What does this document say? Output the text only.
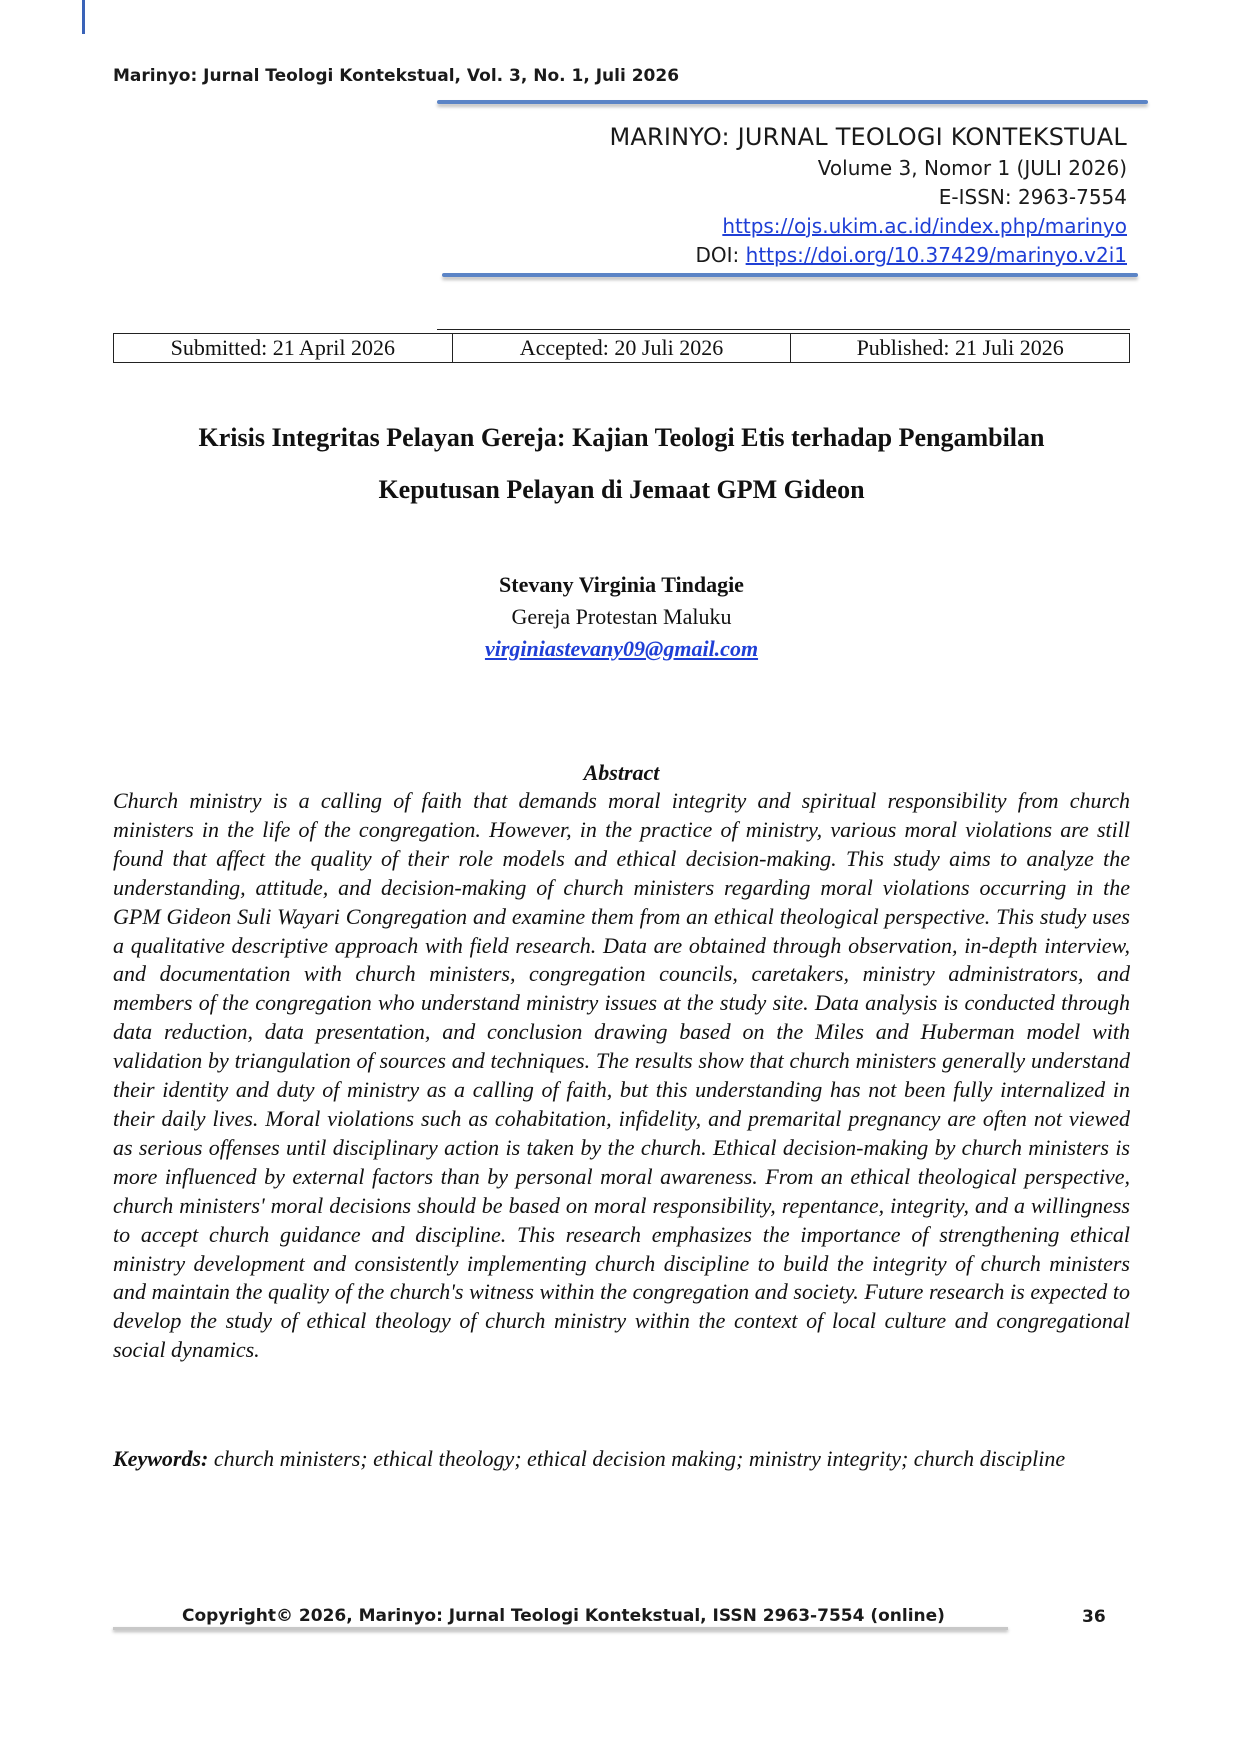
Marinyo: Jurnal Teologi Kontekstual, Vol. 3, No. 1, Juli 2026
MARINYO: JURNAL TEOLOGI KONTEKSTUAL
Volume 3, Nomor 1 (JULI 2026)
E-ISSN: 2963-7554
https://ojs.ukim.ac.id/index.php/marinyo
DOI: https://doi.org/10.37429/marinyo.v2i1
Submitted: 21 April 2026	Accepted: 20 Juli 2026	Published: 21 Juli 2026
Krisis Integritas Pelayan Gereja: Kajian Teologi Etis terhadap Pengambilan
Keputusan Pelayan di Jemaat GPM Gideon
Stevany Virginia Tindagie
Gereja Protestan Maluku
virginiastevany09@gmail.com
Abstract
Church ministry is a calling of faith that demands moral integrity and spiritual responsibility from church ministers in the life of the congregation. However, in the practice of ministry, various moral violations are still found that affect the quality of their role models and ethical decision-making. This study aims to analyze the understanding, attitude, and decision-making of church ministers regarding moral violations occurring in the GPM Gideon Suli Wayari Congregation and examine them from an ethical theological perspective. This study uses a qualitative descriptive approach with field research. Data are obtained through observation, in-depth interview, and documentation with church ministers, congregation councils, caretakers, ministry administrators, and members of the congregation who understand ministry issues at the study site. Data analysis is conducted through data reduction, data presentation, and conclusion drawing based on the Miles and Huberman model with validation by triangulation of sources and techniques. The results show that church ministers generally understand their identity and duty of ministry as a calling of faith, but this understanding has not been fully internalized in their daily lives. Moral violations such as cohabitation, infidelity, and premarital pregnancy are often not viewed as serious offenses until disciplinary action is taken by the church. Ethical decision-making by church ministers is more influenced by external factors than by personal moral awareness. From an ethical theological perspective, church ministers' moral decisions should be based on moral responsibility, repentance, integrity, and a willingness to accept church guidance and discipline. This research emphasizes the importance of strengthening ethical ministry development and consistently implementing church discipline to build the integrity of church ministers and maintain the quality of the church's witness within the congregation and society. Future research is expected to develop the study of ethical theology of church ministry within the context of local culture and congregational social dynamics.
Keywords: church ministers; ethical theology; ethical decision making; ministry integrity; church discipline
Copyright© 2026, Marinyo: Jurnal Teologi Kontekstual, ISSN 2963-7554 (online)	36
